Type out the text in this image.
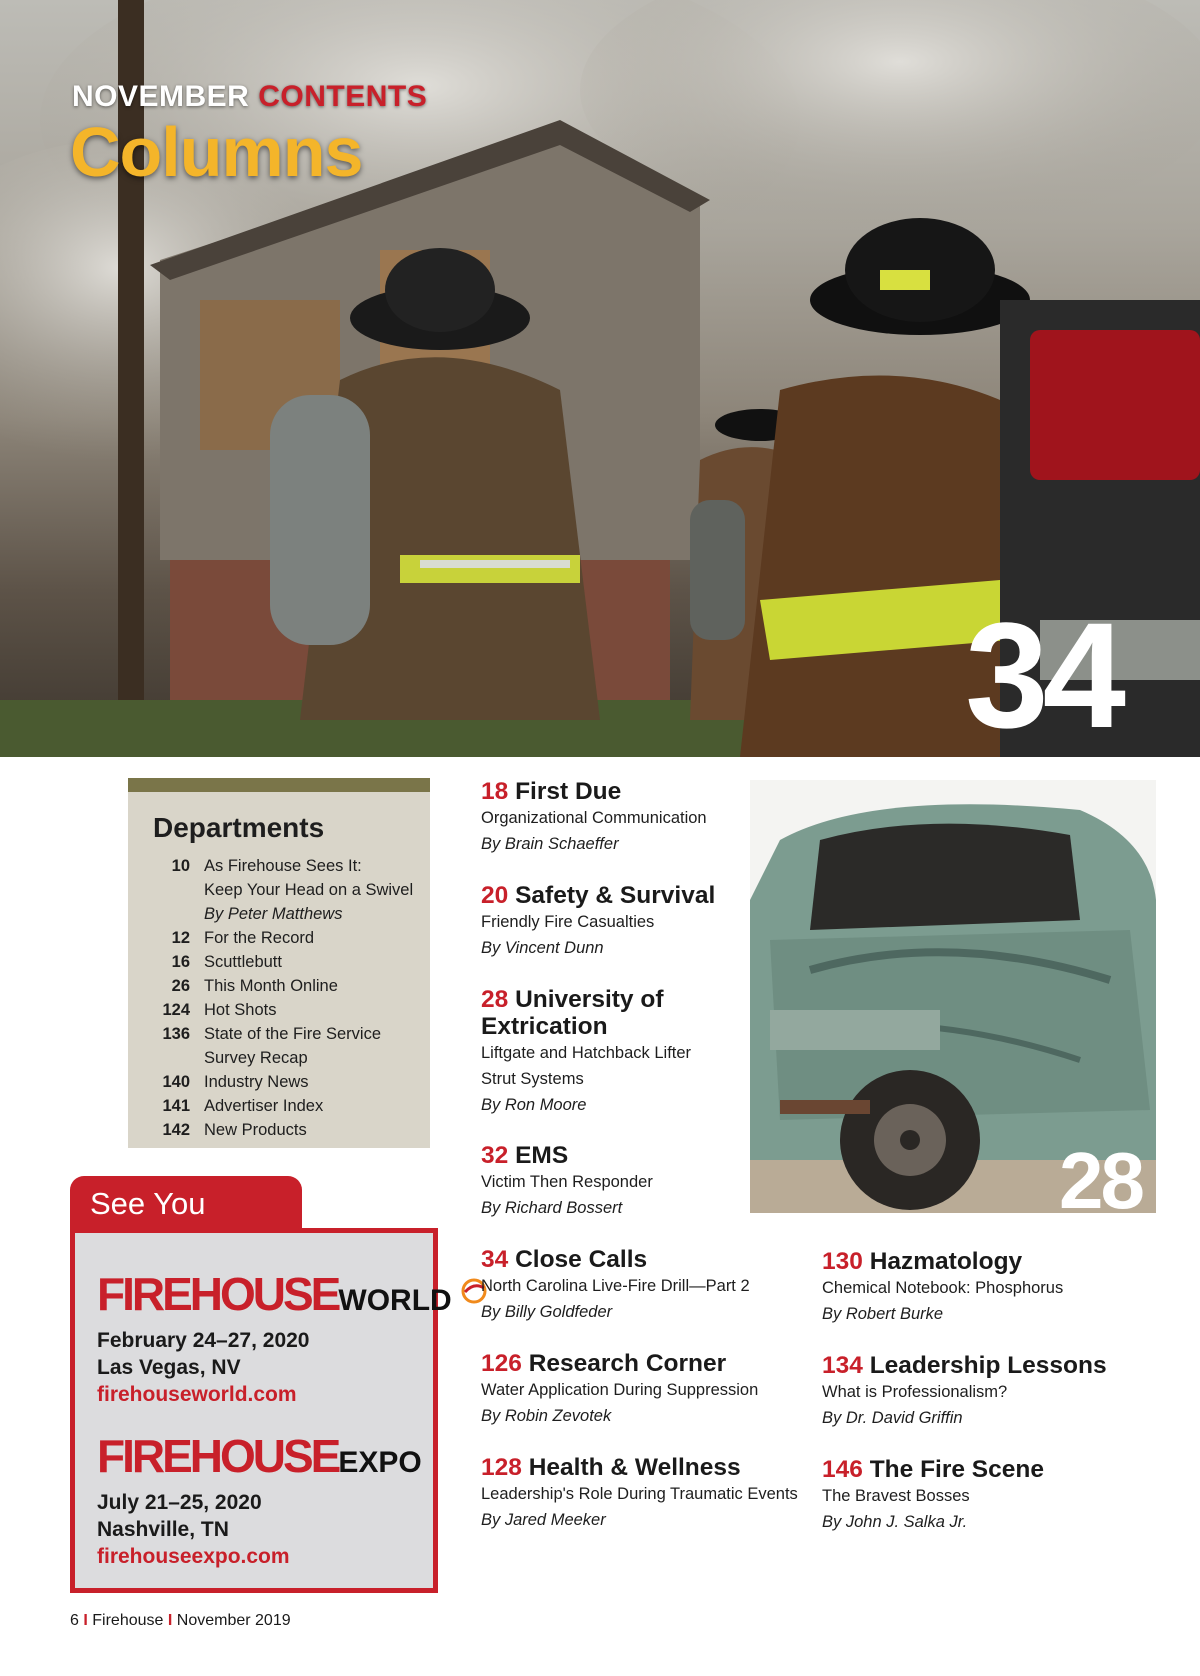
NOVEMBER CONTENTS
Columns
34
Departments
10 As Firehouse Sees It:
Keep Your Head on a Swivel
By Peter Matthews
12 For the Record
16 Scuttlebutt
26 This Month Online
124 Hot Shots
136 State of the Fire Service
Survey Recap
140 Industry News
141 Advertiser Index
142 New Products
See You
FIREHOUSEWORLD
February 24–27, 2020
Las Vegas, NV
firehouseworld.com
FIREHOUSEEXPO
July 21–25, 2020
Nashville, TN
firehouseexpo.com
18 First Due
Organizational Communication
By Brain Schaeffer
20 Safety & Survival
Friendly Fire Casualties
By Vincent Dunn
28 University of
Extrication
Liftgate and Hatchback Lifter
Strut Systems
By Ron Moore
32 EMS
Victim Then Responder
By Richard Bossert
34 Close Calls
North Carolina Live-Fire Drill—Part 2
By Billy Goldfeder
126 Research Corner
Water Application During Suppression
By Robin Zevotek
128 Health & Wellness
Leadership's Role During Traumatic Events
By Jared Meeker
130 Hazmatology
Chemical Notebook: Phosphorus
By Robert Burke
134 Leadership Lessons
What is Professionalism?
By Dr. David Griffin
146 The Fire Scene
The Bravest Bosses
By John J. Salka Jr.
28
6 I Firehouse I November 2019
